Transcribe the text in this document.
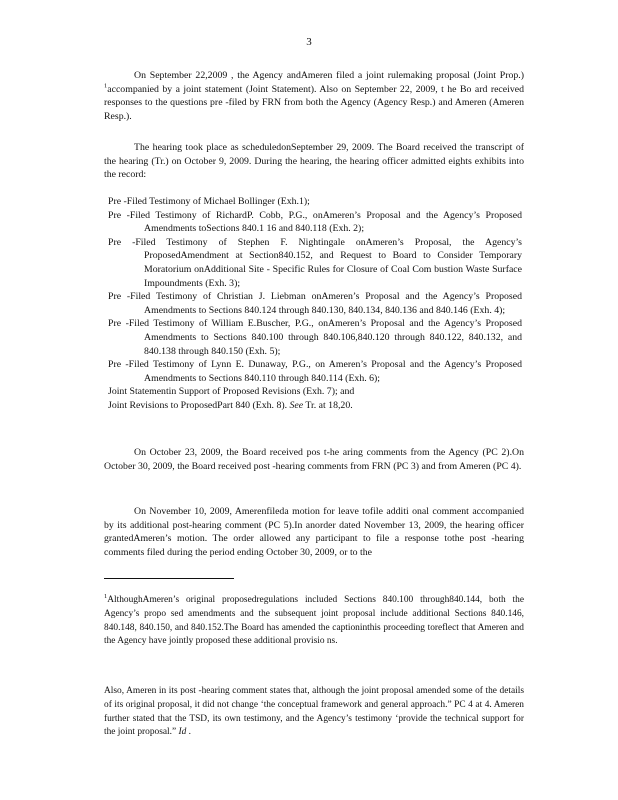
3

On September 22,2009 , the Agency andAmeren filed a joint rulemaking proposal (Joint Prop.) $^1$accompanied by a joint statement (Joint Statement). Also on September 22, 2009, t he Bo ard received responses to the questions pre -filed by FRN from both the Agency (Agency Resp.) and Ameren (Ameren Resp.).

The hearing took place as scheduledonSeptember 29, 2009. The Board received the transcript of the hearing (Tr.) on October 9, 2009. During the hearing, the hearing officer admitted eights exhibits into the record:

Pre -Filed Testimony of Michael Bollinger (Exh.1);
Pre -Filed Testimony of RichardP. Cobb, P.G., onAmeren’s Proposal and the Agency’s Proposed Amendments toSections 840.1 16 and 840.118 (Exh. 2);
Pre -Filed Testimony of Stephen F. Nightingale onAmeren’s Proposal, the Agency’s ProposedAmendment at Section840.152, and Request to Board to Consider Temporary Moratorium onAdditional Site - Specific Rules for Closure of Coal Com bustion Waste Surface Impoundments (Exh. 3);
Pre -Filed Testimony of Christian J. Liebman onAmeren’s Proposal and the Agency’s Proposed Amendments to Sections 840.124 through 840.130, 840.134, 840.136 and 840.146 (Exh. 4);
Pre -Filed Testimony of William E.Buscher, P.G., onAmeren’s Proposal and the Agency’s Proposed Amendments to Sections 840.100 through 840.106,840.120 through 840.122, 840.132, and 840.138 through 840.150 (Exh. 5);
Pre -Filed Testimony of Lynn E. Dunaway, P.G., on Ameren’s Proposal and the Agency’s Proposed Amendments to Sections 840.110 through 840.114 (Exh. 6);
Joint Statementin Support of Proposed Revisions (Exh. 7); and
Joint Revisions to ProposedPart 840 (Exh. 8). See Tr. at 18,20.

On October 23, 2009, the Board received pos t-he aring comments from the Agency (PC 2).On October 30, 2009, the Board received post -hearing comments from FRN (PC 3) and from Ameren (PC 4).

On November 10, 2009, Amerenfileda motion for leave tofile additi onal comment accompanied by its additional post-hearing comment (PC 5).In anorder dated November 13, 2009, the hearing officer grantedAmeren’s motion. The order allowed any participant to file a response tothe post -hearing comments filed during the period ending October 30, 2009, or to the

$^1$AlthoughAmeren’s original proposedregulations included Sections 840.100 through840.144, both the Agency’s propo sed amendments and the subsequent joint proposal include additional Sections 840.146, 840.148, 840.150, and 840.152.The Board has amended the captioninthis proceeding toreflect that Ameren and the Agency have jointly proposed these additional provisio ns.

Also, Ameren in its post -hearing comment states that, although the joint proposal amended some of the details of its original proposal, it did not change ‘the conceptual framework and general approach.” PC 4 at 4. Ameren further stated that the TSD, its own testimony, and the Agency’s testimony ‘provide the technical support for the joint proposal.” Id .
